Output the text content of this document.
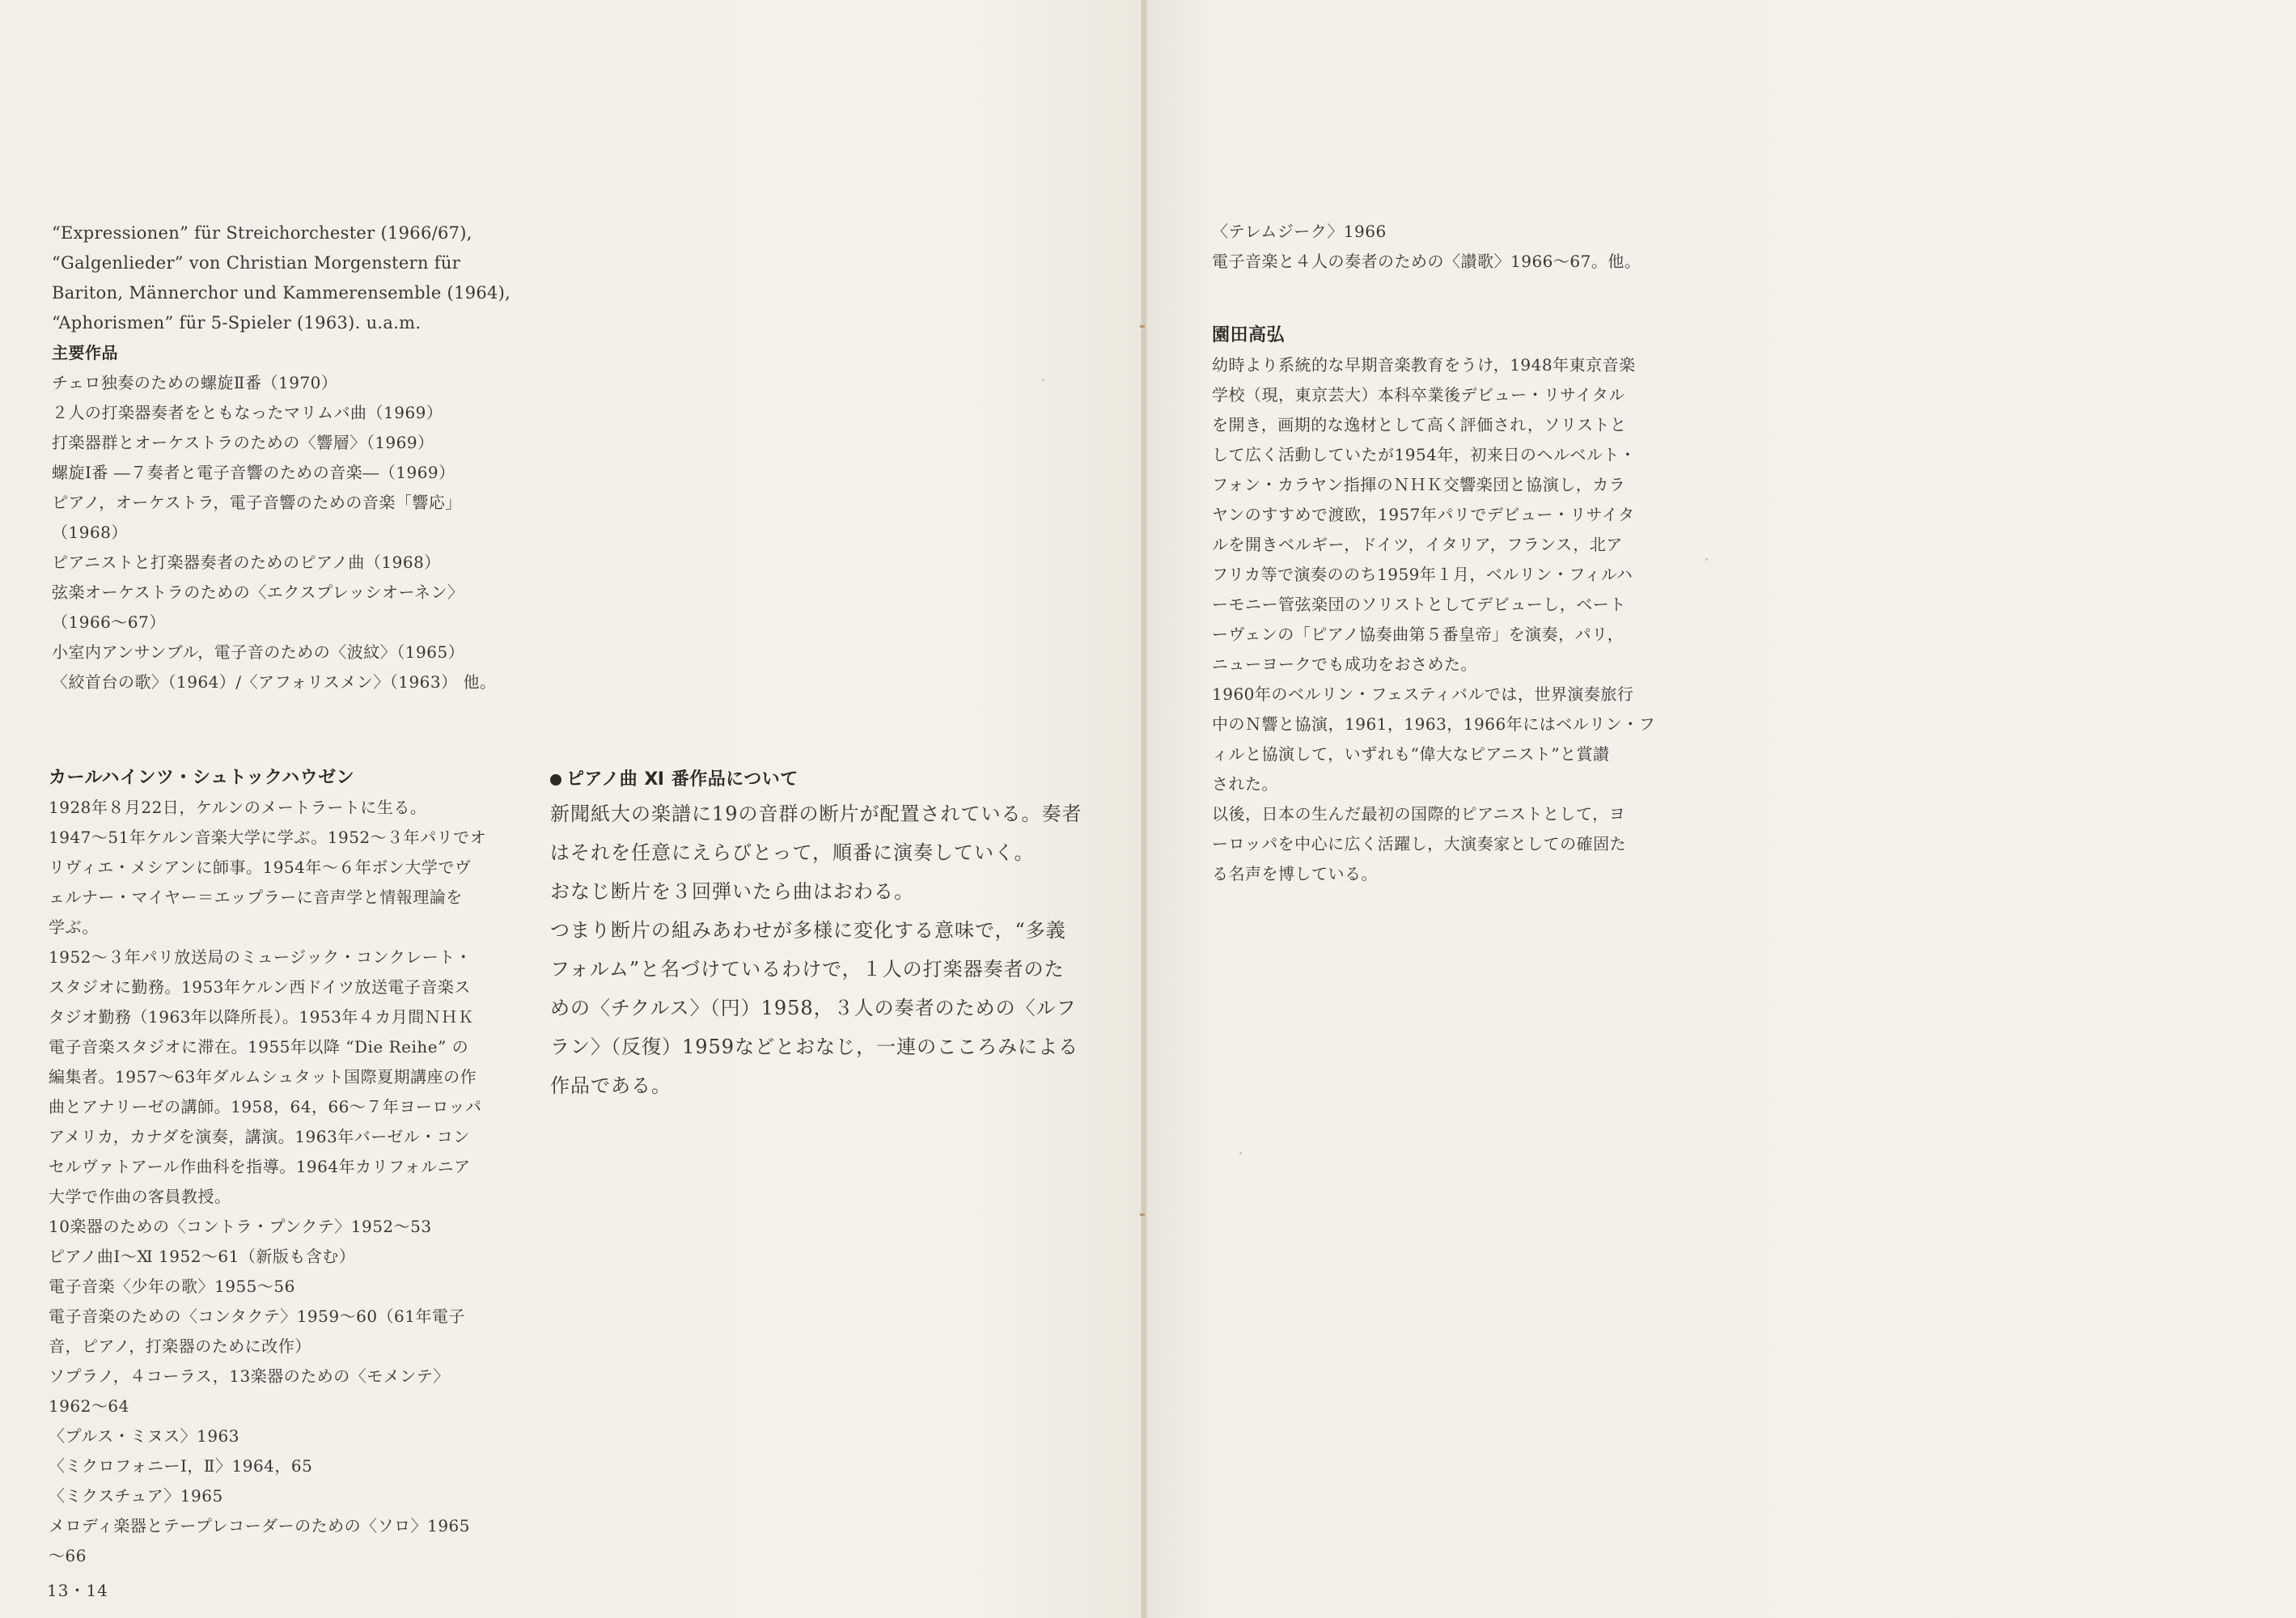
“Expressionen” für Streichorchester (1966/67),

“Galgenlieder” von Christian Morgenstern für

Bariton, Männerchor und Kammerensemble (1964),

“Aphorismen” für 5-Spieler (1963). u.a.m.

主要作品

チェロ独奏のための螺旋Ⅱ番（1970）

２人の打楽器奏者をともなったマリムバ曲（1969）

打楽器群とオーケストラのための〈響層〉（1969）

螺旋Ⅰ番 ―７奏者と電子音響のための音楽―（1969）

ピアノ，オーケストラ，電子音響のための音楽「響応」

（1968）

ピアニストと打楽器奏者のためのピアノ曲（1968）

弦楽オーケストラのための〈エクスプレッシオーネン〉

（1966〜67）

小室内アンサンブル，電子音のための〈波紋〉（1965）

〈絞首台の歌〉（1964）/〈アフォリスメン〉（1963） 他。

カールハインツ・シュトックハウゼン

1928年８月22日，ケルンのメートラートに生る。

1947〜51年ケルン音楽大学に学ぶ。1952〜３年パリでオ

リヴィエ・メシアンに師事。1954年〜６年ボン大学でヴ

ェルナー・マイヤー＝エップラーに音声学と情報理論を

学ぶ。

1952〜３年パリ放送局のミュージック・コンクレート・

スタジオに勤務。1953年ケルン西ドイツ放送電子音楽ス

タジオ勤務（1963年以降所長）。1953年４カ月間ＮＨＫ

電子音楽スタジオに滞在。1955年以降 “Die Reihe” の

編集者。1957〜63年ダルムシュタット国際夏期講座の作

曲とアナリーゼの講師。1958，64，66〜７年ヨーロッパ

アメリカ，カナダを演奏，講演。1963年バーゼル・コン

セルヴァトアール作曲科を指導。1964年カリフォルニア

大学で作曲の客員教授。

10楽器のための〈コントラ・プンクテ〉1952〜53

ピアノ曲Ⅰ〜Ⅺ 1952〜61（新版も含む）

電子音楽〈少年の歌〉1955〜56

電子音楽のための〈コンタクテ〉1959〜60（61年電子

音，ピアノ，打楽器のために改作）

ソプラノ，４コーラス，13楽器のための〈モメンテ〉

1962〜64

〈プルス・ミヌス〉1963

〈ミクロフォニーⅠ，Ⅱ〉1964，65

〈ミクスチュア〉1965

メロディ楽器とテープレコーダーのための〈ソロ〉1965

〜66

ピアノ曲 Ⅺ 番作品について

新聞紙大の楽譜に19の音群の断片が配置されている。奏者

はそれを任意にえらびとって，順番に演奏していく。

おなじ断片を３回弾いたら曲はおわる。

つまり断片の組みあわせが多様に変化する意味で，“多義

フォルム”と名づけているわけで，１人の打楽器奏者のた

めの〈チクルス〉（円）1958，３人の奏者のための〈ルフ

ラン〉（反復）1959などとおなじ，一連のこころみによる

作品である。

13・14

〈テレムジーク〉1966

電子音楽と４人の奏者のための〈讃歌〉1966〜67。他。

園田高弘

幼時より系統的な早期音楽教育をうけ，1948年東京音楽

学校（現，東京芸大）本科卒業後デビュー・リサイタル

を開き，画期的な逸材として高く評価され，ソリストと

して広く活動していたが1954年，初来日のヘルベルト・

フォン・カラヤン指揮のＮＨＫ交響楽団と協演し，カラ

ヤンのすすめで渡欧，1957年パリでデビュー・リサイタ

ルを開きベルギー，ドイツ，イタリア，フランス，北ア

フリカ等で演奏ののち1959年１月，ベルリン・フィルハ

ーモニー管弦楽団のソリストとしてデビューし，ベート

ーヴェンの「ピアノ協奏曲第５番皇帝」を演奏，パリ，

ニューヨークでも成功をおさめた。

1960年のベルリン・フェスティバルでは，世界演奏旅行

中のＮ響と協演，1961，1963，1966年にはベルリン・フ

ィルと協演して，いずれも“偉大なピアニスト”と賞讃

された。

以後，日本の生んだ最初の国際的ピアニストとして，ヨ

ーロッパを中心に広く活躍し，大演奏家としての確固た

る名声を博している。
